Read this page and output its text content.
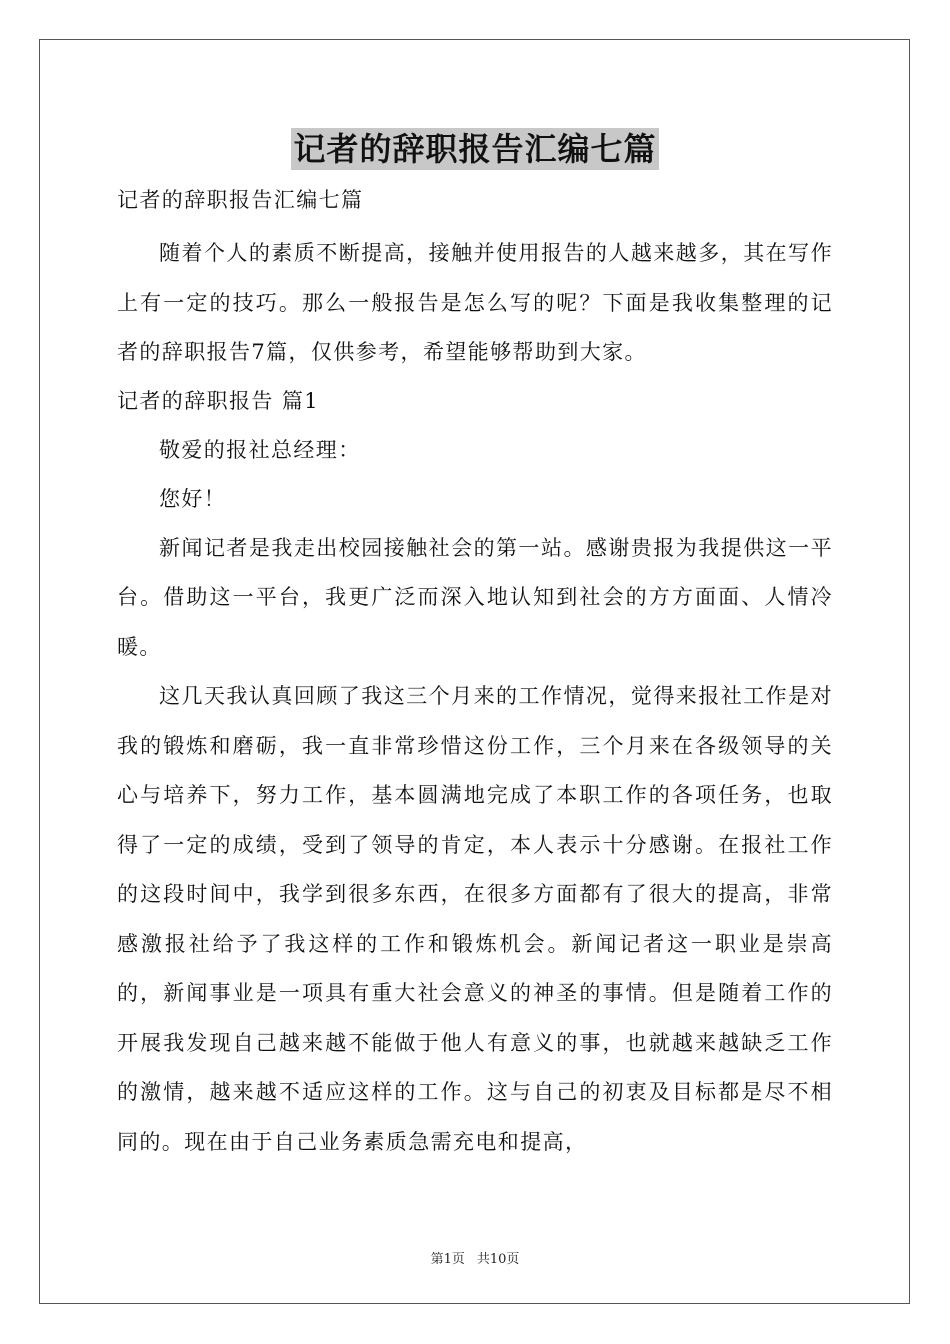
记者的辞职报告汇编七篇
记者的辞职报告汇编七篇

随着个人的素质不断提高，接触并使用报告的人越来越多，其在写作上有一定的技巧。那么一般报告是怎么写的呢？下面是我收集整理的记者的辞职报告7篇，仅供参考，希望能够帮助到大家。

记者的辞职报告 篇1

敬爱的报社总经理：

您好！

新闻记者是我走出校园接触社会的第一站。感谢贵报为我提供这一平台。借助这一平台，我更广泛而深入地认知到社会的方方面面、人情冷暖。

这几天我认真回顾了我这三个月来的工作情况，觉得来报社工作是对我的锻炼和磨砺，我一直非常珍惜这份工作，三个月来在各级领导的关心与培养下，努力工作，基本圆满地完成了本职工作的各项任务，也取得了一定的成绩，受到了领导的肯定，本人表示十分感谢。在报社工作的这段时间中，我学到很多东西，在很多方面都有了很大的提高，非常感激报社给予了我这样的工作和锻炼机会。新闻记者这一职业是崇高的，新闻事业是一项具有重大社会意义的神圣的事情。但是随着工作的开展我发现自己越来越不能做于他人有意义的事，也就越来越缺乏工作的激情，越来越不适应这样的工作。这与自己的初衷及目标都是尽不相同的。现在由于自己业务素质急需充电和提高，

第1页 共10页
